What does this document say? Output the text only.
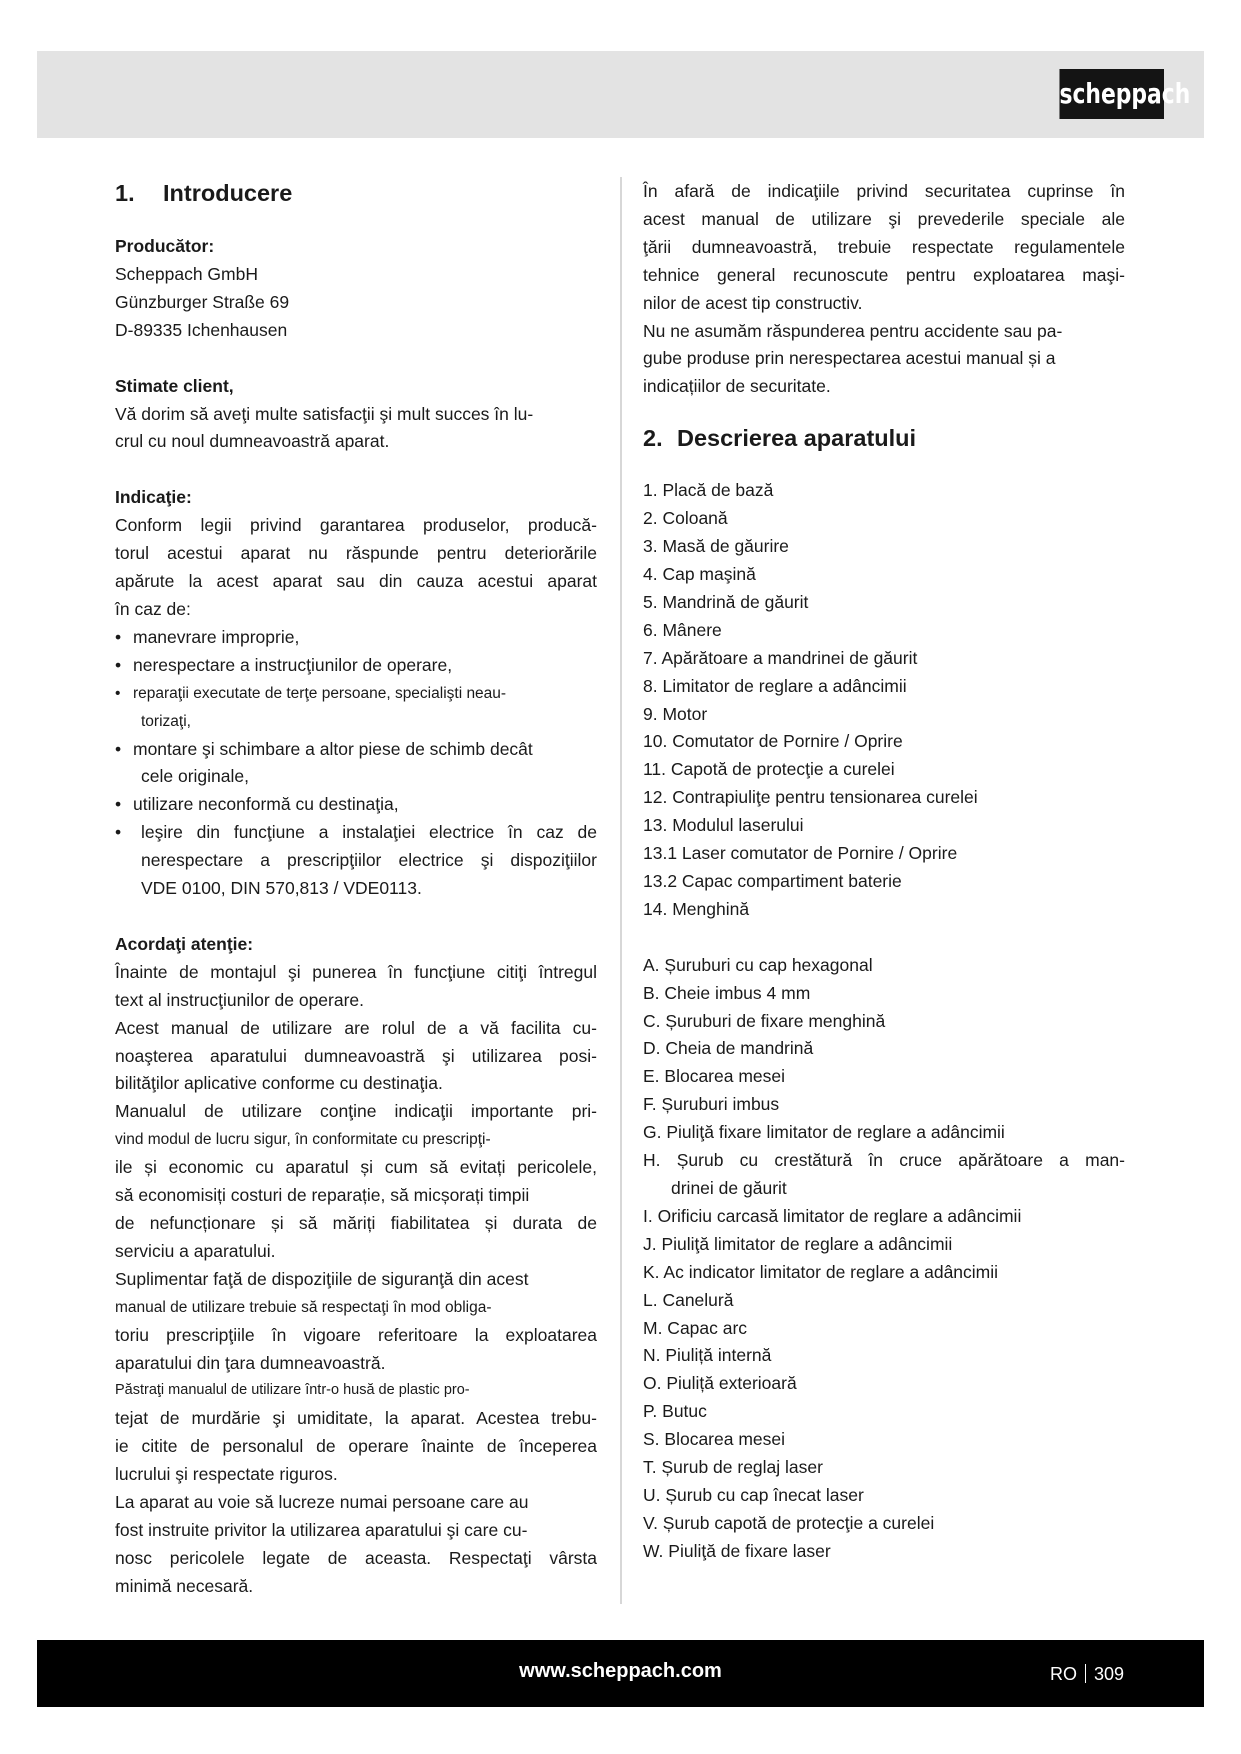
scheppach
1. Introducere
Producător:
Scheppach GmbH
Günzburger Straße 69
D-89335 Ichenhausen
Stimate client,
Vă dorim să aveţi multe satisfacţii şi mult succes în lu-
crul cu noul dumneavoastră aparat.
Indicaţie:
Conform legii privind garantarea produselor, producă-
torul acestui aparat nu răspunde pentru deteriorările
apărute la acest aparat sau din cauza acestui aparat
în caz de:
• manevrare improprie,
• nerespectare a instrucţiunilor de operare,
• reparaţii executate de terţe persoane, specialişti neau-
torizaţi,
• montare şi schimbare a altor piese de schimb decât
cele originale,
• utilizare neconformă cu destinaţia,
• leşire din funcţiune a instalaţiei electrice în caz de
nerespectare a prescripţiilor electrice şi dispoziţiilor
VDE 0100, DIN 570,813 / VDE0113.
Acordaţi atenţie:
Înainte de montajul şi punerea în funcţiune citiţi întregul
text al instrucţiunilor de operare.
Acest manual de utilizare are rolul de a vă facilita cu-
noaşterea aparatului dumneavoastră şi utilizarea posi-
bilităţilor aplicative conforme cu destinaţia.
Manualul de utilizare conţine indicaţii importante pri-
vind modul de lucru sigur, în conformitate cu prescripţi-
ile și economic cu aparatul și cum să evitați pericolele,
să economisiți costuri de reparație, să micșorați timpii
de nefuncționare și să măriți fiabilitatea și durata de
serviciu a aparatului.
Suplimentar faţă de dispoziţiile de siguranţă din acest
manual de utilizare trebuie să respectaţi în mod obliga-
toriu prescripţiile în vigoare referitoare la exploatarea
aparatului din ţara dumneavoastră.
Păstraţi manualul de utilizare într-o husă de plastic pro-
tejat de murdărie şi umiditate, la aparat. Acestea trebu-
ie citite de personalul de operare înainte de începerea
lucrului şi respectate riguros.
La aparat au voie să lucreze numai persoane care au
fost instruite privitor la utilizarea aparatului şi care cu-
nosc pericolele legate de aceasta. Respectaţi vârsta
minimă necesară.
În afară de indicaţiile privind securitatea cuprinse în
acest manual de utilizare şi prevederile speciale ale
ţării dumneavoastră, trebuie respectate regulamentele
tehnice general recunoscute pentru exploatarea maşi-
nilor de acest tip constructiv.
Nu ne asumăm răspunderea pentru accidente sau pa-
gube produse prin nerespectarea acestui manual și a
indicațiilor de securitate.
2. Descrierea aparatului
1. Placă de bază
2. Coloană
3. Masă de găurire
4. Cap maşină
5. Mandrină de găurit
6. Mânere
7. Apărătoare a mandrinei de găurit
8. Limitator de reglare a adâncimii
9. Motor
10. Comutator de Pornire / Oprire
11. Capotă de protecţie a curelei
12. Contrapiuliţe pentru tensionarea curelei
13. Modulul laserului
13.1 Laser comutator de Pornire / Oprire
13.2 Capac compartiment baterie
14. Menghină
A. Șuruburi cu cap hexagonal
B. Cheie imbus 4 mm
C. Șuruburi de fixare menghină
D. Cheia de mandrină
E. Blocarea mesei
F. Șuruburi imbus
G. Piuliţă fixare limitator de reglare a adâncimii
H. Șurub cu crestătură în cruce apărătoare a man-
drinei de găurit
I. Orificiu carcasă limitator de reglare a adâncimii
J. Piuliţă limitator de reglare a adâncimii
K. Ac indicator limitator de reglare a adâncimii
L. Canelură
M. Capac arc
N. Piuliță internă
O. Piuliță exterioară
P. Butuc
S. Blocarea mesei
T. Șurub de reglaj laser
U. Șurub cu cap înecat laser
V. Șurub capotă de protecţie a curelei
W. Piuliţă de fixare laser
www.scheppach.com	RO 309
